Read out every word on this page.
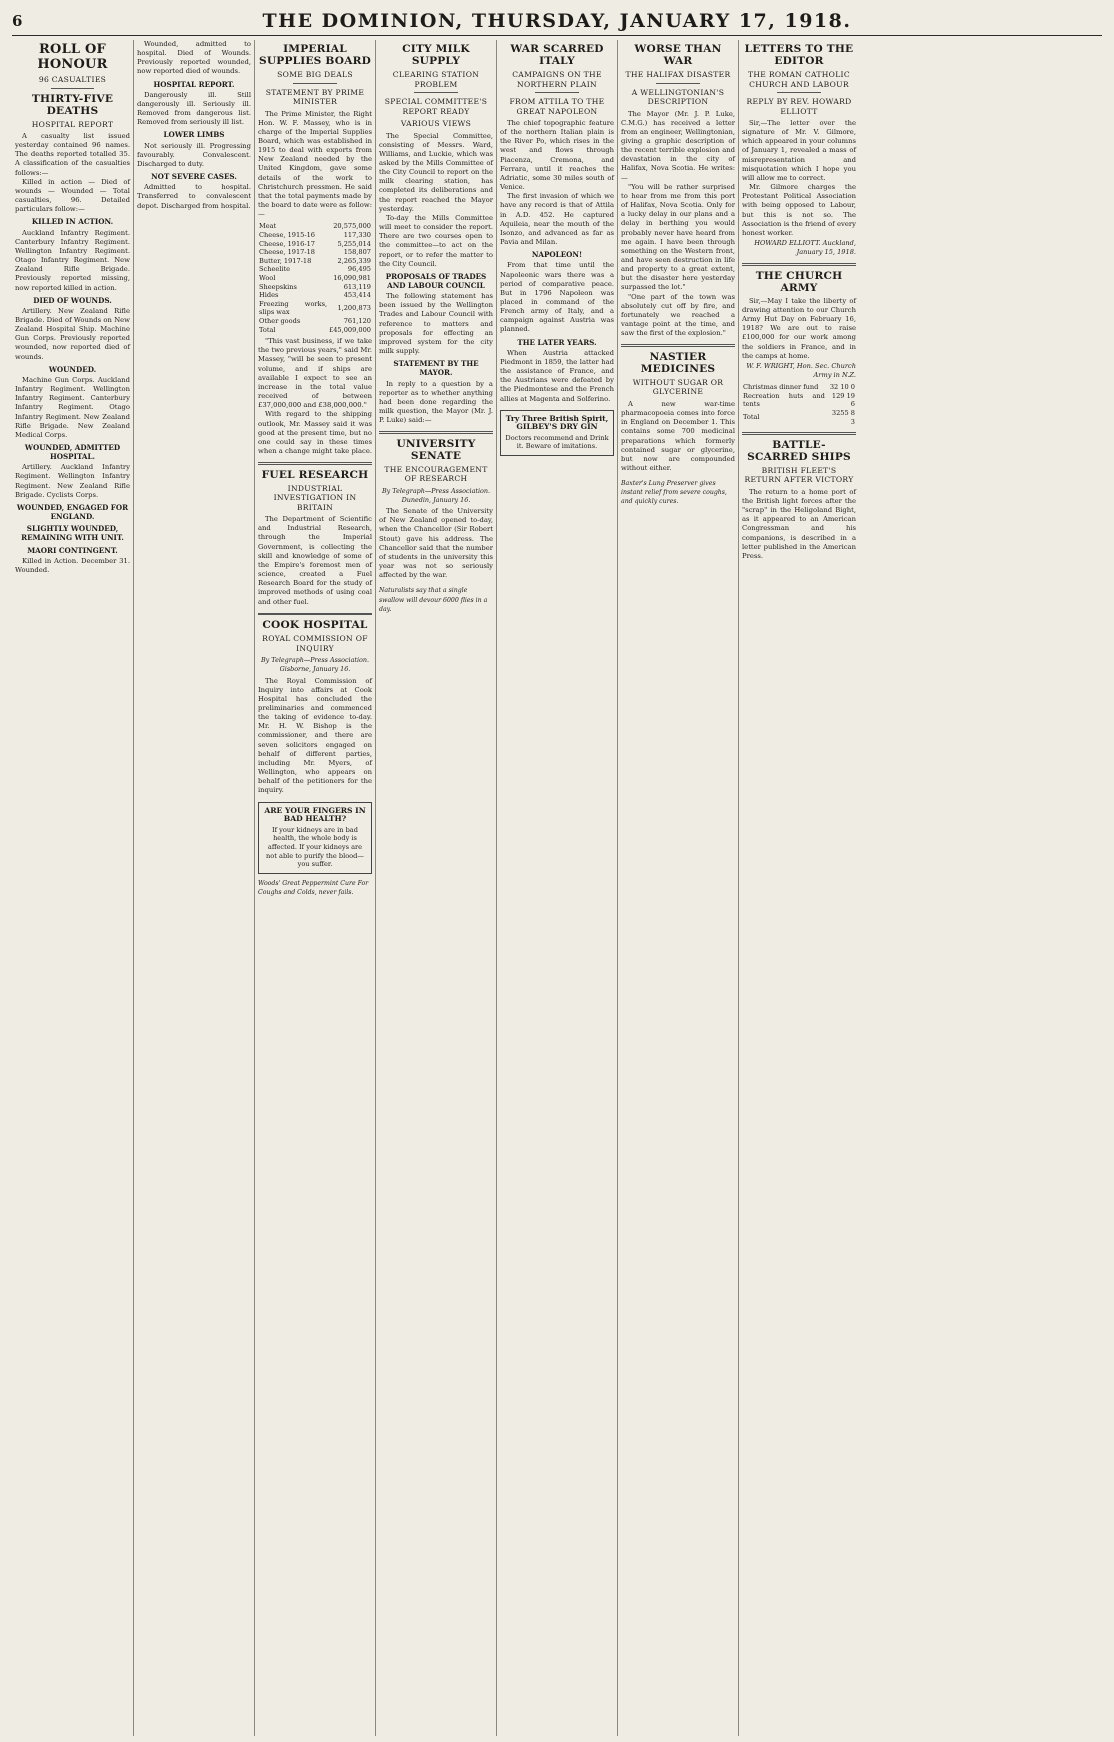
6	THE DOMINION, THURSDAY, JANUARY 17, 1918.
ROLL OF HONOUR
96 CASUALTIES
THIRTY-FIVE DEATHS
HOSPITAL REPORT

A casualty list issued yesterday contained 96 names. The deaths reported totalled 35. A classification of the casualties follows:—

Killed in action — Died of wounds — Wounded — Total casualties, 96. Detailed particulars follow:—

KILLED IN ACTION.

Auckland Infantry Regiment. Canterbury Infantry Regiment. Wellington Infantry Regiment. Otago Infantry Regiment. New Zealand Rifle Brigade. Previously reported missing, now reported killed in action.

DIED OF WOUNDS.

Artillery. New Zealand Rifle Brigade. Died of Wounds on New Zealand Hospital Ship. Machine Gun Corps. Previously reported wounded, now reported died of wounds.

WOUNDED.

Machine Gun Corps. Auckland Infantry Regiment. Wellington Infantry Regiment. Canterbury Infantry Regiment. Otago Infantry Regiment. New Zealand Rifle Brigade. New Zealand Medical Corps.

WOUNDED, ADMITTED HOSPITAL.

Artillery. Auckland Infantry Regiment. Wellington Infantry Regiment. New Zealand Rifle Brigade. Cyclists Corps.

WOUNDED, ENGAGED FOR ENGLAND.
SLIGHTLY WOUNDED, REMAINING WITH UNIT.
MAORI CONTINGENT.

Killed in Action. December 31. Wounded.

Wounded, admitted to hospital. Died of Wounds. Previously reported wounded, now reported died of wounds.

HOSPITAL REPORT.

Dangerously ill. Still dangerously ill. Seriously ill. Removed from dangerous list. Removed from seriously ill list.

LOWER LIMBS

Not seriously ill. Progressing favourably. Convalescent. Discharged to duty.

NOT SEVERE CASES.

Admitted to hospital. Transferred to convalescent depot. Discharged from hospital.

IMPERIAL SUPPLIES BOARD
SOME BIG DEALS
STATEMENT BY PRIME MINISTER

The Prime Minister, the Right Hon. W. F. Massey, who is in charge of the Imperial Supplies Board, which was established in 1915 to deal with exports from New Zealand needed by the United Kingdom, gave some details of the work to Christchurch pressmen. He said that the total payments made by the board to date were as follow:—

Meat	20,575,000
Cheese, 1915-16	117,330
Cheese, 1916-17	5,255,014
Cheese, 1917-18	158,807
Butter, 1917-18	2,265,339
Scheelite	96,495
Wool	16,090,981
Sheepskins	613,119
Hides	453,414
Freezing works, slips wax	1,200,873
Other goods	761,120
Total	£45,009,000

"This vast business, if we take the two previous years," said Mr. Massey, "will be seen to present volume, and if ships are available I expect to see an increase in the total value received of between £37,000,000 and £38,000,000."

With regard to the shipping outlook, Mr. Massey said it was good at the present time, but no one could say in these times when a change might take place.

FUEL RESEARCH
INDUSTRIAL INVESTIGATION IN BRITAIN

The Department of Scientific and Industrial Research, through the Imperial Government, is collecting the skill and knowledge of some of the Empire's foremost men of science, created a Fuel Research Board for the study of improved methods of using coal and other fuel.

COOK HOSPITAL
ROYAL COMMISSION OF INQUIRY
By Telegraph—Press Association. Gisborne, January 16.

The Royal Commission of Inquiry into affairs at Cook Hospital has concluded the preliminaries and commenced the taking of evidence to-day. Mr. H. W. Bishop is the commissioner, and there are seven solicitors engaged on behalf of different parties, including Mr. Myers, of Wellington, who appears on behalf of the petitioners for the inquiry.

ARE YOUR FINGERS IN BAD HEALTH?
If your kidneys are in bad health, the whole body is affected. If your kidneys are not able to purify the blood—you suffer.
Woods' Great Peppermint Cure For Coughs and Colds, never fails.
CITY MILK SUPPLY
CLEARING STATION PROBLEM
SPECIAL COMMITTEE'S REPORT READY
VARIOUS VIEWS

The Special Committee, consisting of Messrs. Ward, Williams, and Luckie, which was asked by the Mills Committee of the City Council to report on the milk clearing station, has completed its deliberations and the report reached the Mayor yesterday.

To-day the Mills Committee will meet to consider the report. There are two courses open to the committee—to act on the report, or to refer the matter to the City Council.

PROPOSALS OF TRADES AND LABOUR COUNCIL

The following statement has been issued by the Wellington Trades and Labour Council with reference to matters and proposals for effecting an improved system for the city milk supply.

STATEMENT BY THE MAYOR.

In reply to a question by a reporter as to whether anything had been done regarding the milk question, the Mayor (Mr. J. P. Luke) said:—

UNIVERSITY SENATE
THE ENCOURAGEMENT OF RESEARCH
By Telegraph—Press Association. Dunedin, January 16.

The Senate of the University of New Zealand opened to-day, when the Chancellor (Sir Robert Stout) gave his address. The Chancellor said that the number of students in the university this year was not so seriously affected by the war.

Naturalists say that a single swallow will devour 6000 flies in a day.
WAR SCARRED ITALY
CAMPAIGNS ON THE NORTHERN PLAIN
FROM ATTILA TO THE GREAT NAPOLEON

The chief topographic feature of the northern Italian plain is the River Po, which rises in the west and flows through Piacenza, Cremona, and Ferrara, until it reaches the Adriatic, some 30 miles south of Venice.

The first invasion of which we have any record is that of Attila in A.D. 452. He captured Aquileia, near the mouth of the Isonzo, and advanced as far as Pavia and Milan.

NAPOLEON!

From that time until the Napoleonic wars there was a period of comparative peace. But in 1796 Napoleon was placed in command of the French army of Italy, and a campaign against Austria was planned.

THE LATER YEARS.

When Austria attacked Piedmont in 1859, the latter had the assistance of France, and the Austrians were defeated by the Piedmontese and the French allies at Magenta and Solferino.

Try Three British Spirit, GILBEY'S DRY GIN
Doctors recommend and Drink it. Beware of imitations.
WORSE THAN WAR
THE HALIFAX DISASTER
A WELLINGTONIAN'S DESCRIPTION

The Mayor (Mr. J. P. Luke, C.M.G.) has received a letter from an engineer, Wellingtonian, giving a graphic description of the recent terrible explosion and devastation in the city of Halifax, Nova Scotia. He writes:—

"You will be rather surprised to hear from me from this port of Halifax, Nova Scotia. Only for a lucky delay in our plans and a delay in berthing you would probably never have heard from me again. I have been through something on the Western front, and have seen destruction in life and property to a great extent, but the disaster here yesterday surpassed the lot."

"One part of the town was absolutely cut off by fire, and fortunately we reached a vantage point at the time, and saw the first of the explosion."

NASTIER MEDICINES
WITHOUT SUGAR OR GLYCERINE

A new war-time pharmacopoeia comes into force in England on December 1. This contains some 700 medicinal preparations which formerly contained sugar or glycerine, but now are compounded without either.

Baxter's Lung Preserver gives instant relief from severe coughs, and quickly cures.
LETTERS TO THE EDITOR
THE ROMAN CATHOLIC CHURCH AND LABOUR
REPLY BY REV. HOWARD ELLIOTT

Sir,—The letter over the signature of Mr. V. Gilmore, which appeared in your columns of January 1, revealed a mass of misrepresentation and misquotation which I hope you will allow me to correct.

Mr. Gilmore charges the Protestant Political Association with being opposed to Labour, but this is not so. The Association is the friend of every honest worker.

HOWARD ELLIOTT. Auckland, January 15, 1918.
THE CHURCH ARMY

Sir,—May I take the liberty of drawing attention to our Church Army Hut Day on February 16, 1918? We are out to raise £100,000 for our work among the soldiers in France, and in the camps at home.

W. F. WRIGHT, Hon. Sec. Church Army in N.Z.
Christmas dinner fund	32 10 0
Recreation huts and tents	129 19 6
Total	3255 8 3
BATTLE-SCARRED SHIPS
BRITISH FLEET'S RETURN AFTER VICTORY

The return to a home port of the British light forces after the "scrap" in the Heligoland Bight, as it appeared to an American Congressman and his companions, is described in a letter published in the American Press.
